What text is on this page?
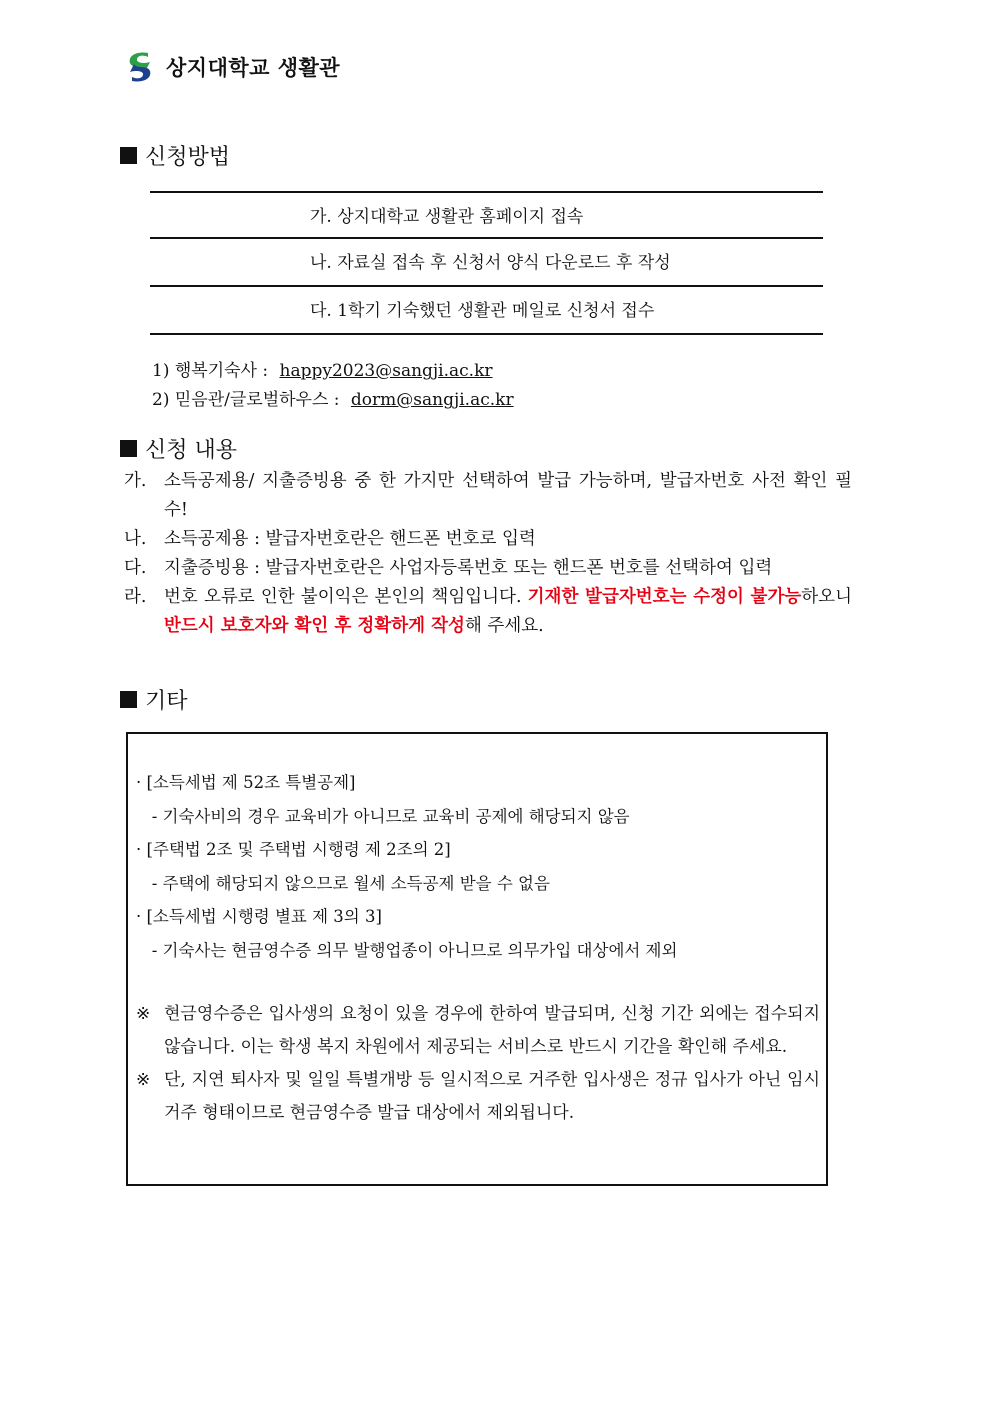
상지대학교 생활관
신청방법
가. 상지대학교 생활관 홈페이지 접속
나. 자료실 접속 후 신청서 양식 다운로드 후 작성
다. 1학기 기숙했던 생활관 메일로 신청서 접수
1) 행복기숙사 : happy2023@sangji.ac.kr
2) 믿음관/글로벌하우스 : dorm@sangji.ac.kr
신청 내용
가.	소득공제용/ 지출증빙용 중 한 가지만 선택하여 발급 가능하며, 발급자번호 사전 확인 필수!
나.	소득공제용 : 발급자번호란은 핸드폰 번호로 입력
다.	지출증빙용 : 발급자번호란은 사업자등록번호 또는 핸드폰 번호를 선택하여 입력
라.	번호 오류로 인한 불이익은 본인의 책임입니다. 기재한 발급자번호는 수정이 불가능하오니 반드시 보호자와 확인 후 정확하게 작성해 주세요.
기타
· [소득세법 제 52조 특별공제]
- 기숙사비의 경우 교육비가 아니므로 교육비 공제에 해당되지 않음
· [주택법 2조 및 주택법 시행령 제 2조의 2]
- 주택에 해당되지 않으므로 월세 소득공제 받을 수 없음
· [소득세법 시행령 별표 제 3의 3]
- 기숙사는 현금영수증 의무 발행업종이 아니므로 의무가입 대상에서 제외
※ 현금영수증은 입사생의 요청이 있을 경우에 한하여 발급되며, 신청 기간 외에는 접수되지 않습니다. 이는 학생 복지 차원에서 제공되는 서비스로 반드시 기간을 확인해 주세요.
※ 단, 지연 퇴사자 및 일일 특별개방 등 일시적으로 거주한 입사생은 정규 입사가 아닌 임시 거주 형태이므로 현금영수증 발급 대상에서 제외됩니다.
